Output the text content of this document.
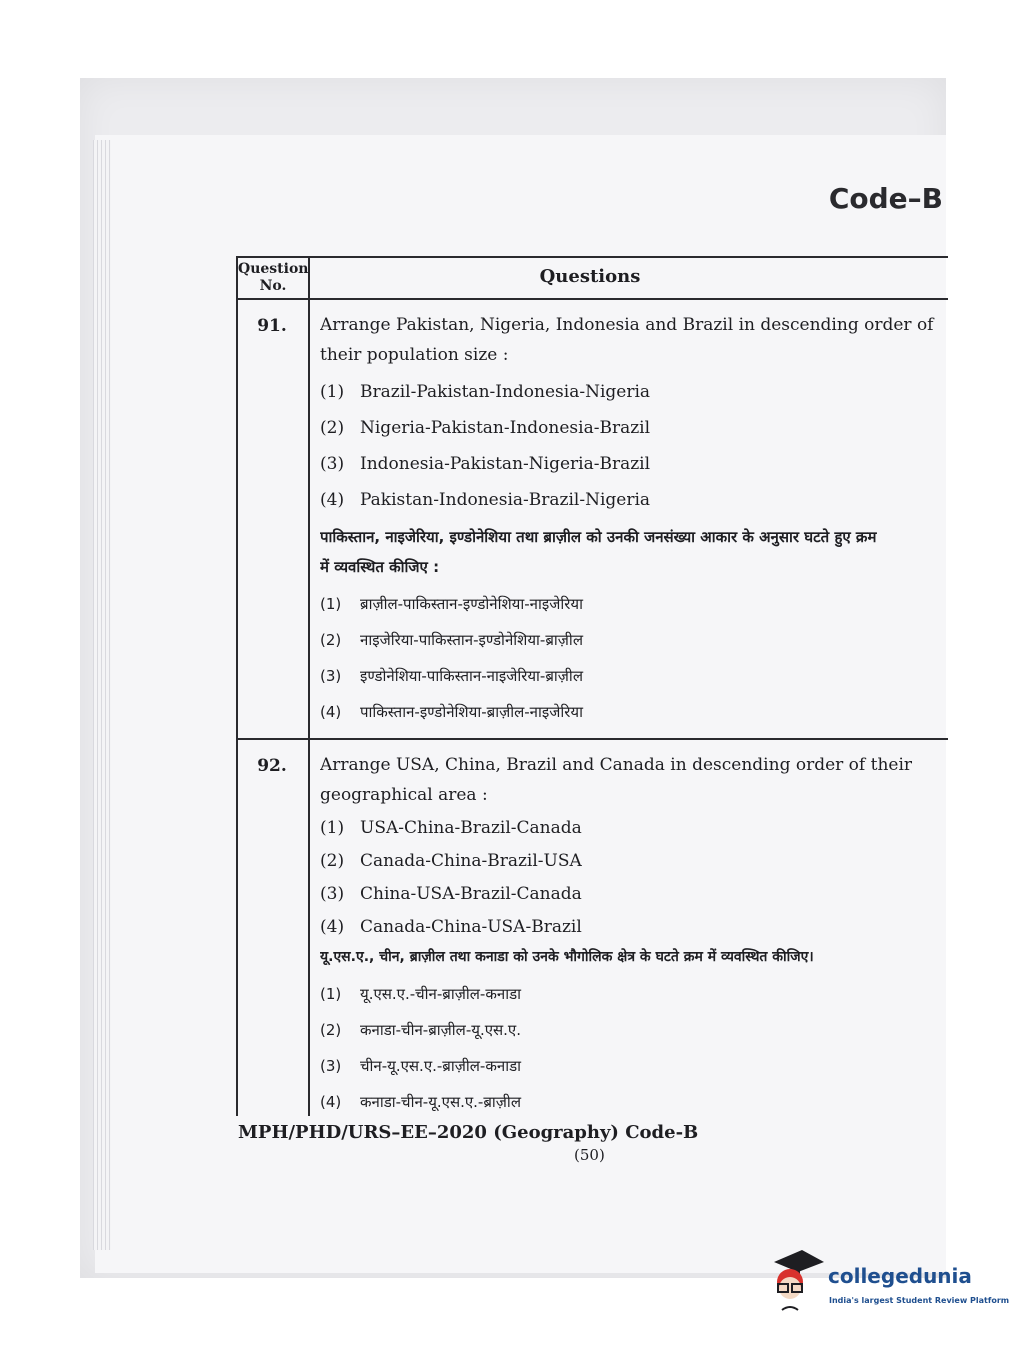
Code–B
Question
No.	Questions
91.	Arrange Pakistan, Nigeria, Indonesia and Brazil in descending order of
their population size :
(1) Brazil-Pakistan-Indonesia-Nigeria
(2) Nigeria-Pakistan-Indonesia-Brazil
(3) Indonesia-Pakistan-Nigeria-Brazil
(4) Pakistan-Indonesia-Brazil-Nigeria
पाकिस्तान, नाइजेरिया, इण्डोनेशिया तथा ब्राज़ील को उनकी जनसंख्या आकार के अनुसार घटते हुए क्रम
में व्यवस्थित कीजिए :
(1) ब्राज़ील-पाकिस्तान-इण्डोनेशिया-नाइजेरिया
(2) नाइजेरिया-पाकिस्तान-इण्डोनेशिया-ब्राज़ील
(3) इण्डोनेशिया-पाकिस्तान-नाइजेरिया-ब्राज़ील
(4) पाकिस्तान-इण्डोनेशिया-ब्राज़ील-नाइजेरिया
92.	Arrange USA, China, Brazil and Canada in descending order of their
geographical area :
(1) USA-China-Brazil-Canada
(2) Canada-China-Brazil-USA
(3) China-USA-Brazil-Canada
(4) Canada-China-USA-Brazil
यू.एस.ए., चीन, ब्राज़ील तथा कनाडा को उनके भौगोलिक क्षेत्र के घटते क्रम में व्यवस्थित कीजिए।
(1) यू.एस.ए.-चीन-ब्राज़ील-कनाडा
(2) कनाडा-चीन-ब्राज़ील-यू.एस.ए.
(3) चीन-यू.एस.ए.-ब्राज़ील-कनाडा
(4) कनाडा-चीन-यू.एस.ए.-ब्राज़ील
MPH/PHD/URS–EE–2020 (Geography) Code-B
(50)
collegedunia
India's largest Student Review Platform
